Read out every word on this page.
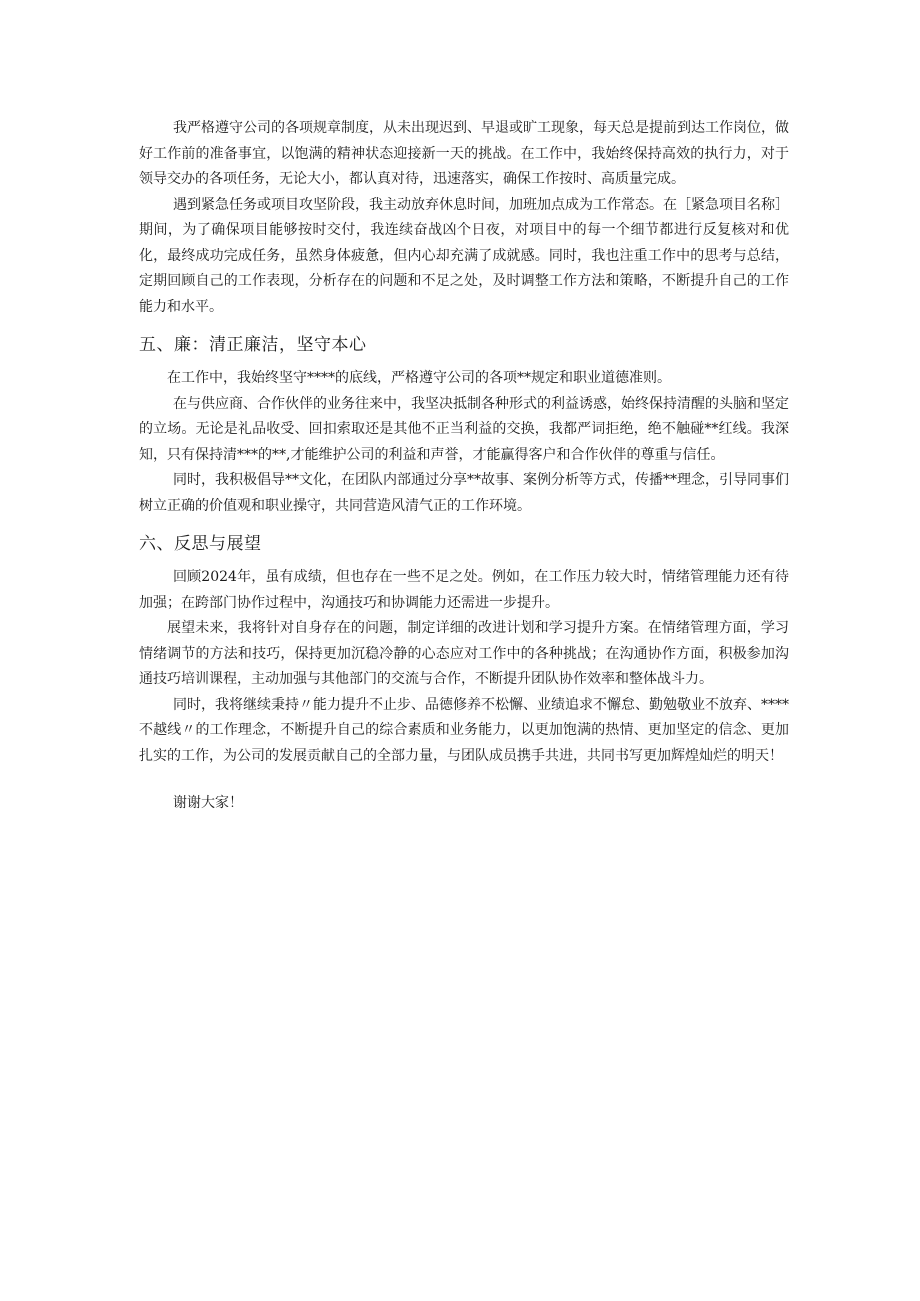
我严格遵守公司的各项规章制度，从未出现迟到、早退或旷工现象，每天总是提前到达工作岗位，做好工作前的准备事宜，以饱满的精神状态迎接新一天的挑战。在工作中，我始终保持高效的执行力，对于领导交办的各项任务，无论大小，都认真对待，迅速落实，确保工作按时、高质量完成。

遇到紧急任务或项目攻坚阶段，我主动放弃休息时间，加班加点成为工作常态。在［紧急项目名称］期间，为了确保项目能够按时交付，我连续奋战凶个日夜，对项目中的每一个细节都进行反复核对和优化，最终成功完成任务，虽然身体疲惫，但内心却充满了成就感。同时，我也注重工作中的思考与总结，定期回顾自己的工作表现，分析存在的问题和不足之处，及时调整工作方法和策略，不断提升自己的工作能力和水平。

五、廉：清正廉洁，坚守本心

在工作中，我始终坚守****的底线，严格遵守公司的各项**规定和职业道德准则。

在与供应商、合作伙伴的业务往来中，我坚决抵制各种形式的利益诱惑，始终保持清醒的头脑和坚定的立场。无论是礼品收受、回扣索取还是其他不正当利益的交换，我都严词拒绝，绝不触碰**红线。我深知，只有保持清***的**,才能维护公司的利益和声誉，才能赢得客户和合作伙伴的尊重与信任。

同时，我积极倡导**文化，在团队内部通过分享**故事、案例分析等方式，传播**理念，引导同事们树立正确的价值观和职业操守，共同营造风清气正的工作环境。

六、反思与展望

回顾2024年，虽有成绩，但也存在一些不足之处。例如，在工作压力较大时，情绪管理能力还有待加强；在跨部门协作过程中，沟通技巧和协调能力还需进一步提升。

展望未来，我将针对自身存在的问题，制定详细的改进计划和学习提升方案。在情绪管理方面，学习情绪调节的方法和技巧，保持更加沉稳冷静的心态应对工作中的各种挑战；在沟通协作方面，积极参加沟通技巧培训课程，主动加强与其他部门的交流与合作，不断提升团队协作效率和整体战斗力。

同时，我将继续秉持〃能力提升不止步、品德修养不松懈、业绩追求不懈怠、勤勉敬业不放弃、****不越线〃的工作理念，不断提升自己的综合素质和业务能力，以更加饱满的热情、更加坚定的信念、更加扎实的工作，为公司的发展贡献自己的全部力量，与团队成员携手共进，共同书写更加辉煌灿烂的明天！

谢谢大家！
